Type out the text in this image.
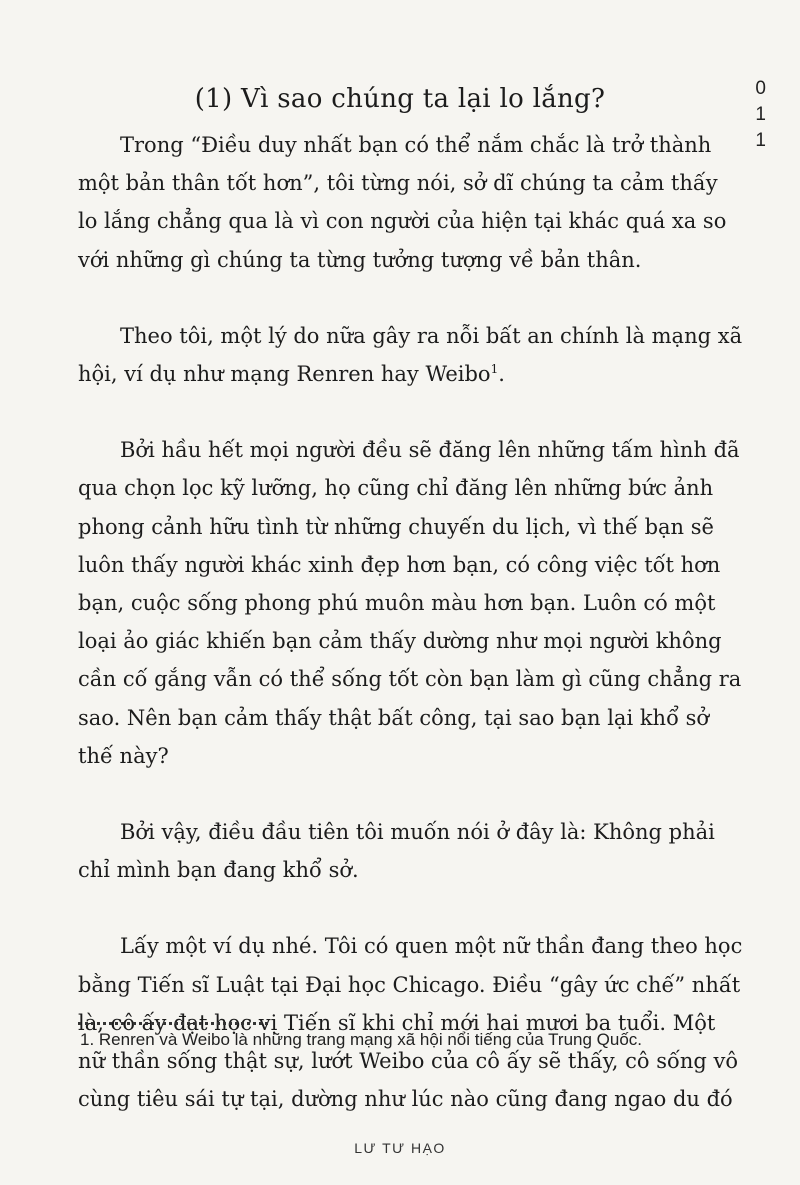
0
1
1
(1) Vì sao chúng ta lại lo lắng?

Trong “Điều duy nhất bạn có thể nắm chắc là trở thành
một bản thân tốt hơn”, tôi từng nói, sở dĩ chúng ta cảm thấy
lo lắng chẳng qua là vì con người của hiện tại khác quá xa so
với những gì chúng ta từng tưởng tượng về bản thân.

Theo tôi, một lý do nữa gây ra nỗi bất an chính là mạng xã
hội, ví dụ như mạng Renren hay Weibo$^1$.

Bởi hầu hết mọi người đều sẽ đăng lên những tấm hình đã
qua chọn lọc kỹ lưỡng, họ cũng chỉ đăng lên những bức ảnh
phong cảnh hữu tình từ những chuyến du lịch, vì thế bạn sẽ
luôn thấy người khác xinh đẹp hơn bạn, có công việc tốt hơn
bạn, cuộc sống phong phú muôn màu hơn bạn. Luôn có một
loại ảo giác khiến bạn cảm thấy dường như mọi người không
cần cố gắng vẫn có thể sống tốt còn bạn làm gì cũng chẳng ra
sao. Nên bạn cảm thấy thật bất công, tại sao bạn lại khổ sở
thế này?

Bởi vậy, điều đầu tiên tôi muốn nói ở đây là: Không phải
chỉ mình bạn đang khổ sở.

Lấy một ví dụ nhé. Tôi có quen một nữ thần đang theo học
bằng Tiến sĩ Luật tại Đại học Chicago. Điều “gây ức chế” nhất
là, cô ấy đạt học vị Tiến sĩ khi chỉ mới hai mươi ba tuổi. Một
nữ thần sống thật sự, lướt Weibo của cô ấy sẽ thấy, cô sống vô
cùng tiêu sái tự tại, dường như lúc nào cũng đang ngao du đó

1. Renren và Weibo là những trang mạng xã hội nổi tiếng của Trung Quốc.
LƯ TƯ HẠO
